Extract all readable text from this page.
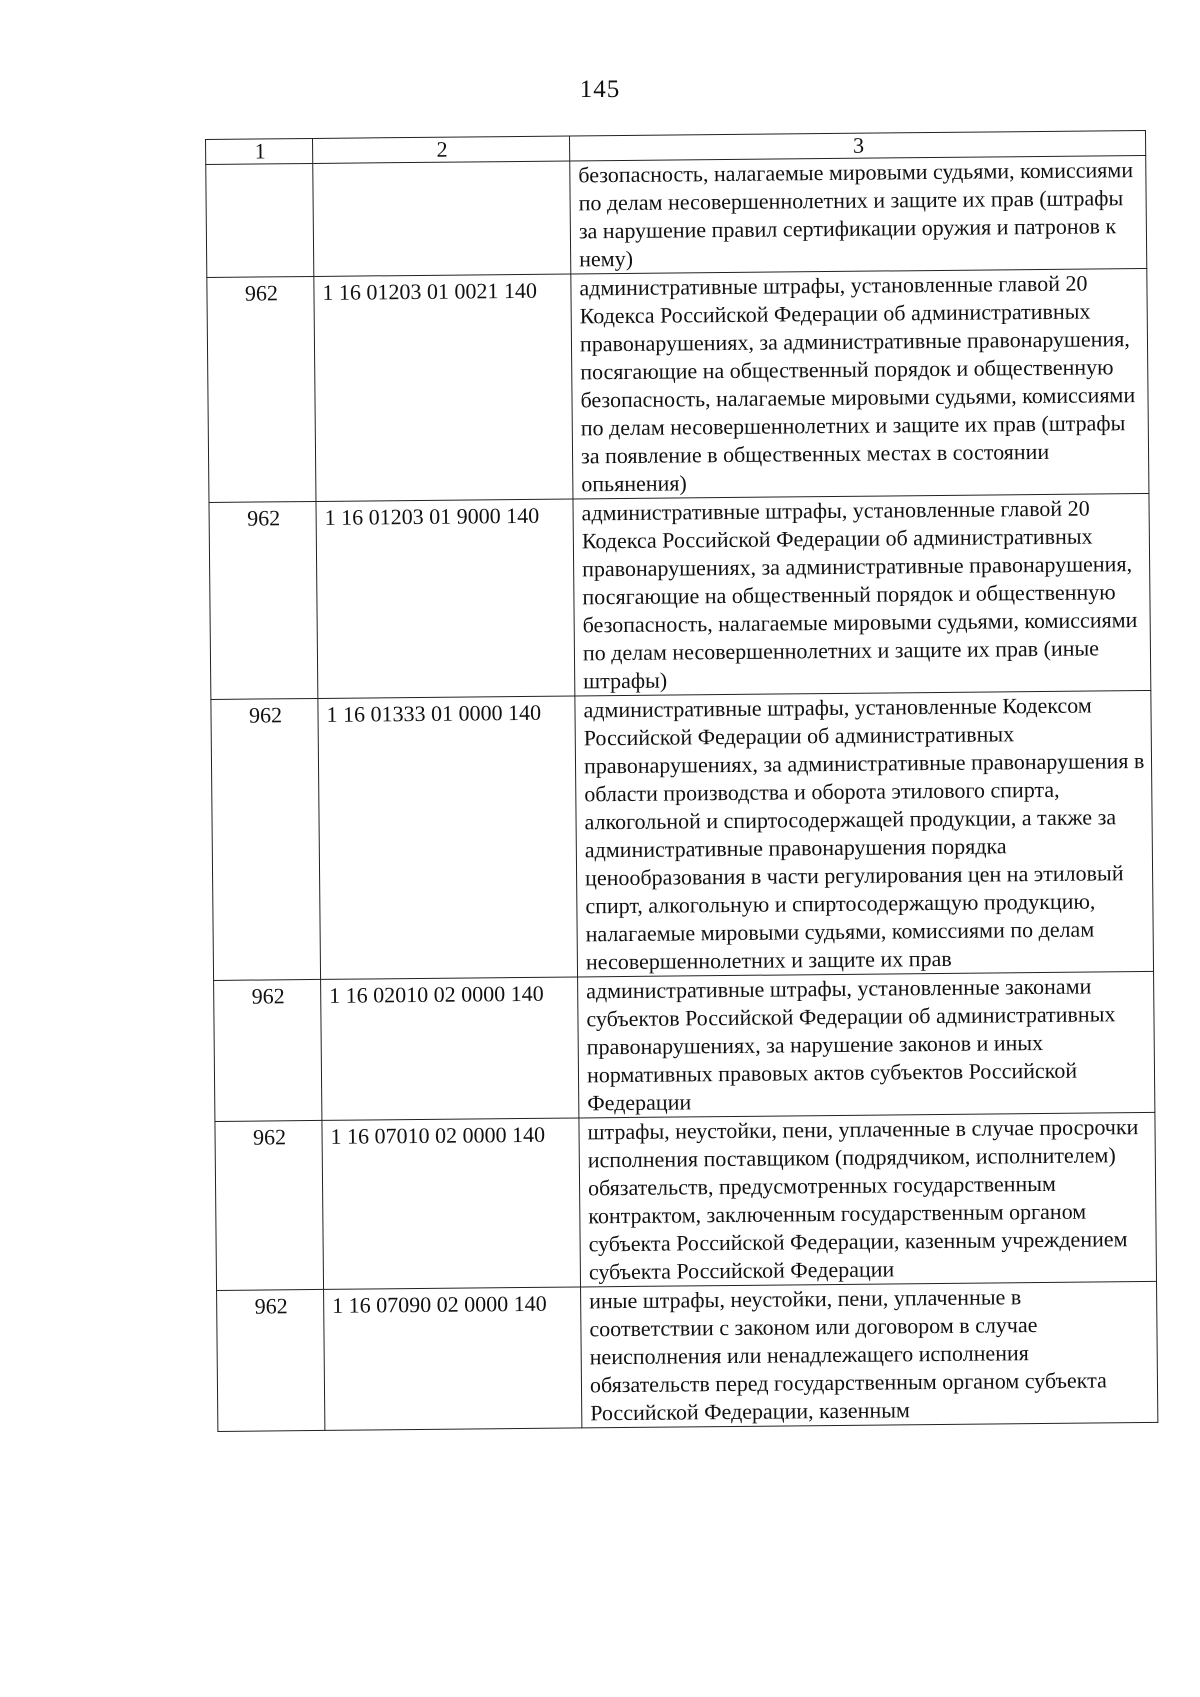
145
1	2	3
		безопасность, налагаемые мировыми судьями, комиссиями по делам несовершеннолетних и защите их прав (штрафы за нарушение правил сертификации оружия и патронов к нему)
962	1 16 01203 01 0021 140	административные штрафы, установленные главой 20 Кодекса Российской Федерации об административных правонарушениях, за административные правонарушения, посягающие на общественный порядок и общественную безопасность, налагаемые мировыми судьями, комиссиями по делам несовершеннолетних и защите их прав (штрафы за появление в общественных местах в состоянии опьянения)
962	1 16 01203 01 9000 140	административные штрафы, установленные главой 20 Кодекса Российской Федерации об административных правонарушениях, за административные правонарушения, посягающие на общественный порядок и общественную безопасность, налагаемые мировыми судьями, комиссиями по делам несовершеннолетних и защите их прав (иные штрафы)
962	1 16 01333 01 0000 140	административные штрафы, установленные Кодексом Российской Федерации об административных правонарушениях, за административные правонарушения в области производства и оборота этилового спирта, алкогольной и спиртосодержащей продукции, а также за административные правонарушения порядка ценообразования в части регулирования цен на этиловый спирт, алкогольную и спиртосодержащую продукцию, налагаемые мировыми судьями, комиссиями по делам несовершеннолетних и защите их прав
962	1 16 02010 02 0000 140	административные штрафы, установленные законами субъектов Российской Федерации об административных правонарушениях, за нарушение законов и иных нормативных правовых актов субъектов Российской Федерации
962	1 16 07010 02 0000 140	штрафы, неустойки, пени, уплаченные в случае просрочки исполнения поставщиком (подрядчиком, исполнителем) обязательств, предусмотренных государственным контрактом, заключенным государственным органом субъекта Российской Федерации, казенным учреждением субъекта Российской Федерации
962	1 16 07090 02 0000 140	иные штрафы, неустойки, пени, уплаченные в соответствии с законом или договором в случае неисполнения или ненадлежащего исполнения обязательств перед государственным органом субъекта Российской Федерации, казенным
